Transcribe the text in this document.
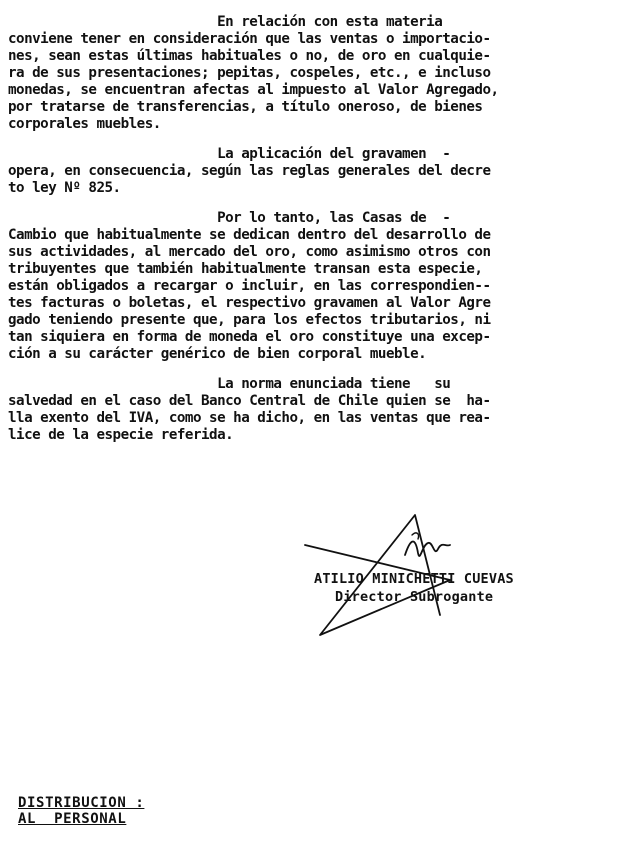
En relación con esta materia
conviene tener en consideración que las ventas o importacio-
nes, sean estas últimas habituales o no, de oro en cualquie-
ra de sus presentaciones; pepitas, cospeles, etc., e incluso
monedas, se encuentran afectas al impuesto al Valor Agregado,
por tratarse de transferencias, a título oneroso, de bienes
corporales muebles.
La aplicación del gravamen  -
opera, en consecuencia, según las reglas generales del decre
to ley Nº 825.
Por lo tanto, las Casas de  -
Cambio que habitualmente se dedican dentro del desarrollo de
sus actividades, al mercado del oro, como asimismo otros con
tribuyentes que también habitualmente transan esta especie,
están obligados a recargar o incluir, en las correspondien--
tes facturas o boletas, el respectivo gravamen al Valor Agre
gado teniendo presente que, para los efectos tributarios, ni
tan siquiera en forma de moneda el oro constituye una excep-
ción a su carácter genérico de bien corporal mueble.
La norma enunciada tiene   su
salvedad en el caso del Banco Central de Chile quien se  ha-
lla exento del IVA, como se ha dicho, en las ventas que rea-
lice de la especie referida.
ATILIO MINICHETTI CUEVAS
Director Subrogante
DISTRIBUCION :
AL  PERSONAL
